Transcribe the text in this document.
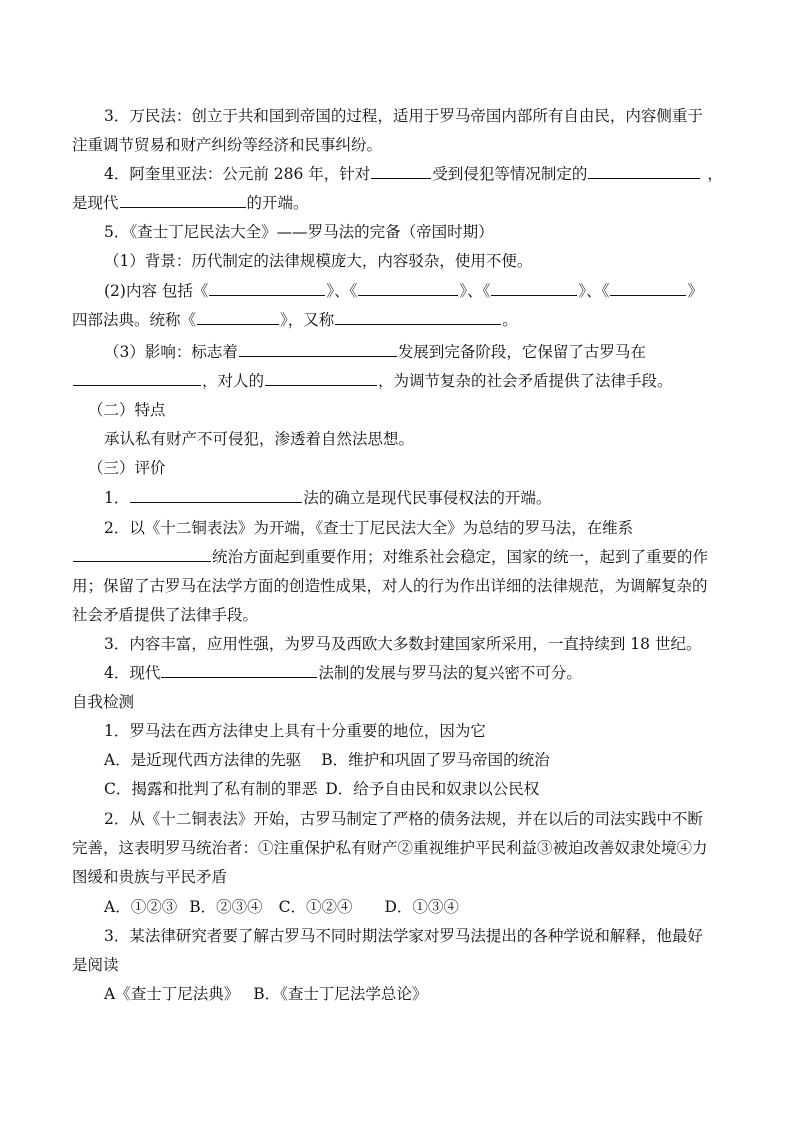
3．万民法：创立于共和国到帝国的过程，适用于罗马帝国内部所有自由民，内容侧重于
注重调节贸易和财产纠纷等经济和民事纠纷。
4．阿奎里亚法：公元前 286 年，针对	受到侵犯等情况制定的	，
是现代	的开端。
5．《查士丁尼民法大全》——罗马法的完备（帝国时期）
（1）背景：历代制定的法律规模庞大，内容驳杂，使用不便。
(2)内容 包括《	》、《	》、《	》、《	》
四部法典。统称《	》，又称	。
（3）影响：标志着	发展到完备阶段，它保留了古罗马在
，对人的	，为调节复杂的社会矛盾提供了法律手段。
（二）特点
承认私有财产不可侵犯，渗透着自然法思想。
（三）评价
1．	法的确立是现代民事侵权法的开端。
2．以《十二铜表法》为开端，《查士丁尼民法大全》为总结的罗马法，在维系
统治方面起到重要作用；对维系社会稳定，国家的统一，起到了重要的作
用；保留了古罗马在法学方面的创造性成果，对人的行为作出详细的法律规范，为调解复杂的
社会矛盾提供了法律手段。
3．内容丰富，应用性强，为罗马及西欧大多数封建国家所采用，一直持续到 18 世纪。
4．现代	法制的发展与罗马法的复兴密不可分。
自我检测
1．罗马法在西方法律史上具有十分重要的地位，因为它
A．是近现代西方法律的先驱 B．维护和巩固了罗马帝国的统治
C．揭露和批判了私有制的罪恶 D．给予自由民和奴隶以公民权
2．从《十二铜表法》开始，古罗马制定了严格的债务法规，并在以后的司法实践中不断
完善，这表明罗马统治者：①注重保护私有财产②重视维护平民利益③被迫改善奴隶处境④力
图缓和贵族与平民矛盾
A．①②③ B．②③④ C．①②④ D．①③④
3．某法律研究者要了解古罗马不同时期法学家对罗马法提出的各种学说和解释，他最好
是阅读
A《查士丁尼法典》 B．《查士丁尼法学总论》
